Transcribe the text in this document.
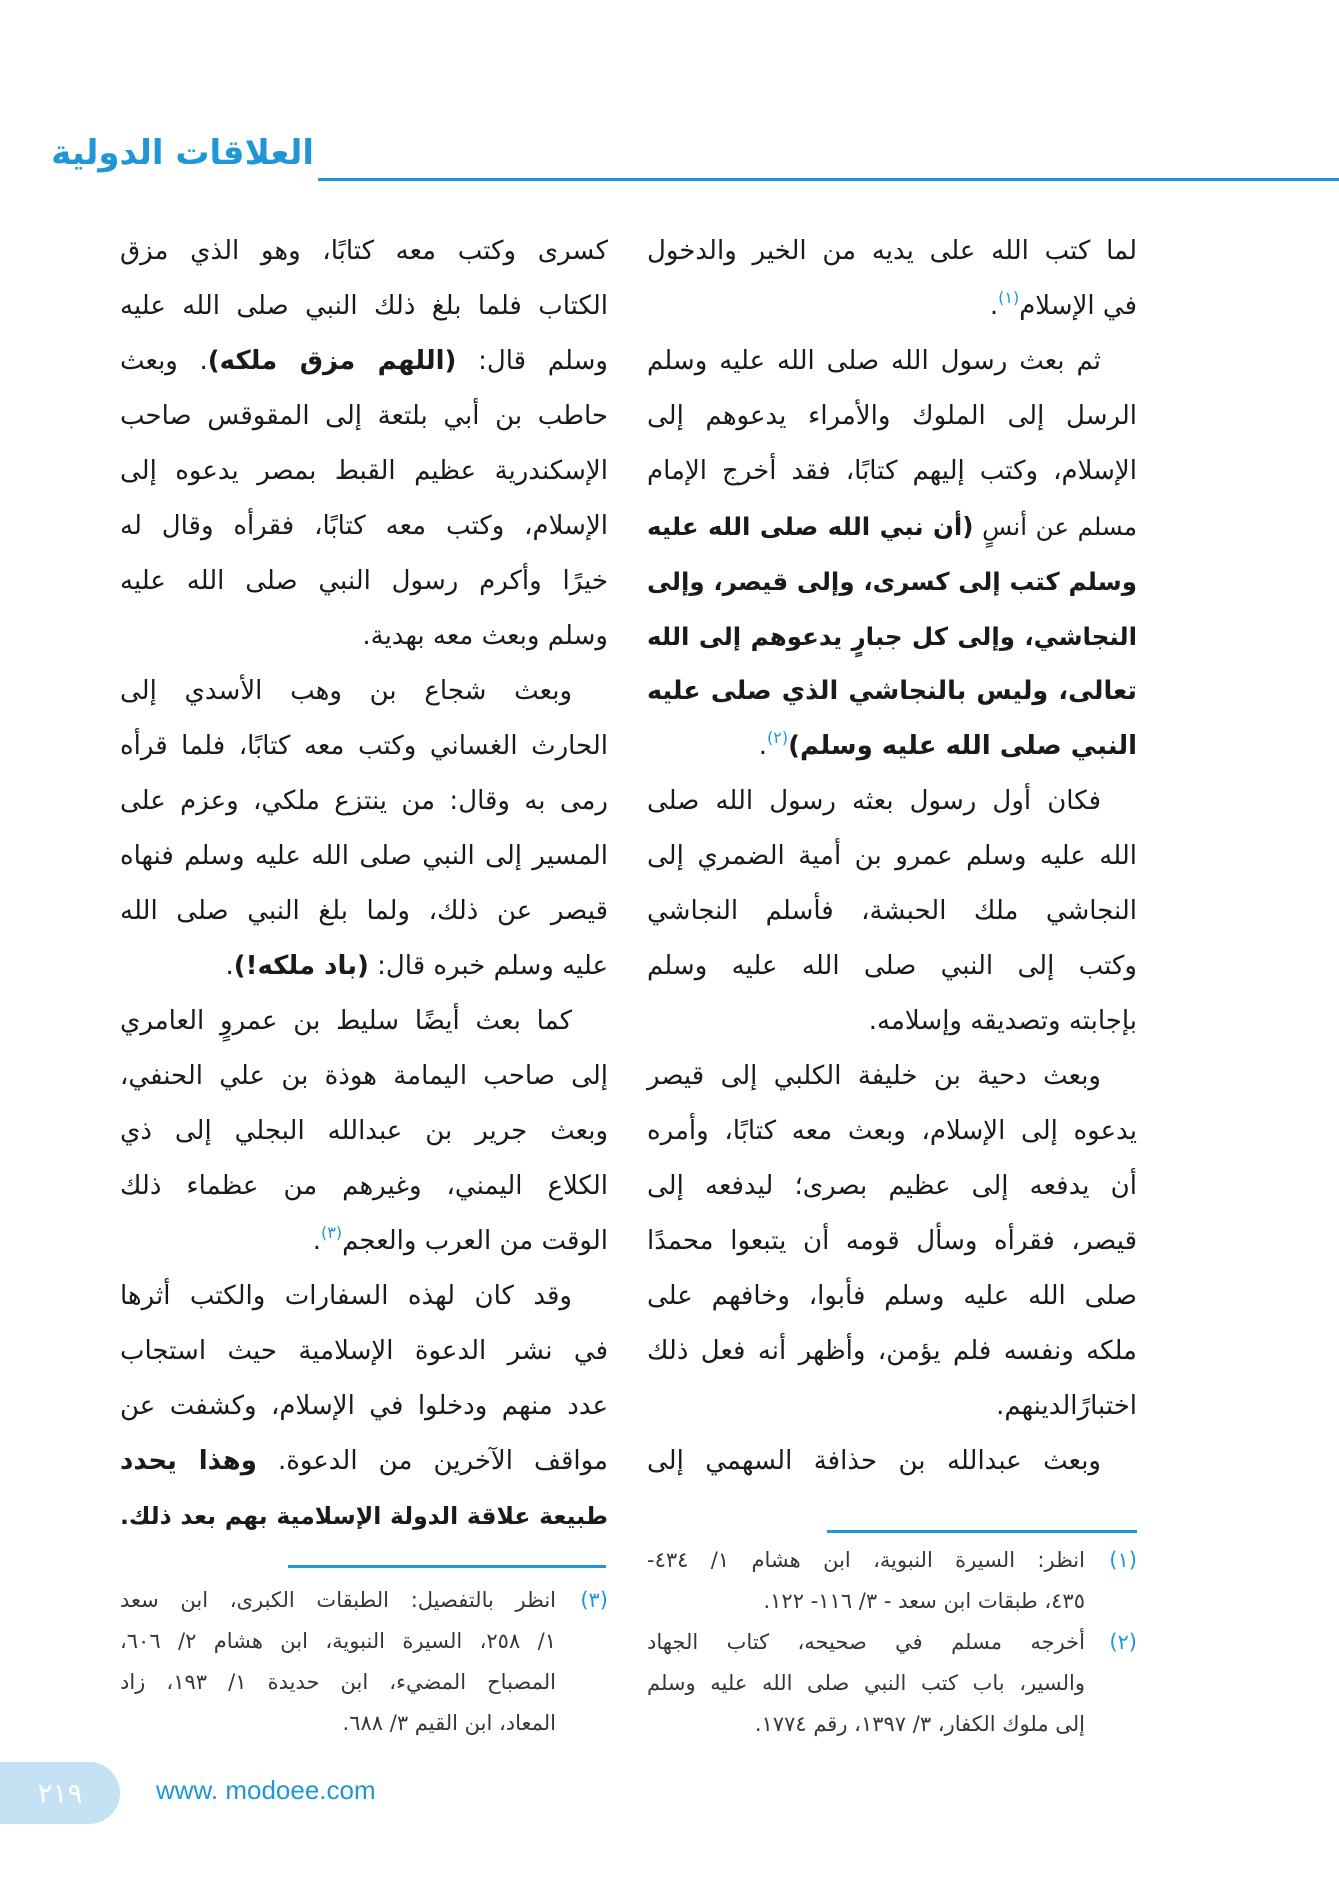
العلاقات الدولية
لما كتب الله على يديه من الخير والدخول
في الإسلام$^{(١)}$.
ثم بعث رسول الله صلى الله عليه وسلم
الرسل إلى الملوك والأمراء يدعوهم إلى
الإسلام، وكتب إليهم كتابًا، فقد أخرج الإمام
مسلم عن أنسٍ (أن نبي الله صلى الله عليه
وسلم كتب إلى كسرى، وإلى قيصر، وإلى
النجاشي، وإلى كل جبارٍ يدعوهم إلى الله
تعالى، وليس بالنجاشي الذي صلى عليه
النبي صلى الله عليه وسلم)$^{(٢)}$.
فكان أول رسول بعثه رسول الله صلى
الله عليه وسلم عمرو بن أمية الضمري إلى
النجاشي ملك الحبشة، فأسلم النجاشي
وكتب إلى النبي صلى الله عليه وسلم
بإجابته وتصديقه وإسلامه.
وبعث دحية بن خليفة الكلبي إلى قيصر
يدعوه إلى الإسلام، وبعث معه كتابًا، وأمره
أن يدفعه إلى عظيم بصرى؛ ليدفعه إلى
قيصر، فقرأه وسأل قومه أن يتبعوا محمدًا
صلى الله عليه وسلم فأبوا، وخافهم على
ملكه ونفسه فلم يؤمن، وأظهر أنه فعل ذلك
اختبارًالدينهم.
وبعث عبدالله بن حذافة السهمي إلى
كسرى وكتب معه كتابًا، وهو الذي مزق
الكتاب فلما بلغ ذلك النبي صلى الله عليه
وسلم قال: (اللهم مزق ملكه). وبعث
حاطب بن أبي بلتعة إلى المقوقس صاحب
الإسكندرية عظيم القبط بمصر يدعوه إلى
الإسلام، وكتب معه كتابًا، فقرأه وقال له
خيرًا وأكرم رسول النبي صلى الله عليه
وسلم وبعث معه بهدية.
وبعث شجاع بن وهب الأسدي إلى
الحارث الغساني وكتب معه كتابًا، فلما قرأه
رمى به وقال: من ينتزع ملكي، وعزم على
المسير إلى النبي صلى الله عليه وسلم فنهاه
قيصر عن ذلك، ولما بلغ النبي صلى الله
عليه وسلم خبره قال: (باد ملكه!).
كما بعث أيضًا سليط بن عمروٍ العامري
إلى صاحب اليمامة هوذة بن علي الحنفي،
وبعث جرير بن عبدالله البجلي إلى ذي
الكلاع اليمني، وغيرهم من عظماء ذلك
الوقت من العرب والعجم$^{(٣)}$.
وقد كان لهذه السفارات والكتب أثرها
في نشر الدعوة الإسلامية حيث استجاب
عدد منهم ودخلوا في الإسلام، وكشفت عن
مواقف الآخرين من الدعوة. وهذا يحدد
طبيعة علاقة الدولة الإسلامية بهم بعد ذلك.
(١)انظر: السيرة النبوية، ابن هشام ١/ ٤٣٤-
٤٣٥، طبقات ابن سعد - ٣/ ١١٦- ١٢٢.
(٢)أخرجه مسلم في صحيحه، كتاب الجهاد
والسير، باب كتب النبي صلى الله عليه وسلم
إلى ملوك الكفار، ٣/ ١٣٩٧، رقم ١٧٧٤.
(٣)انظر بالتفصيل: الطبقات الكبرى، ابن سعد
١/ ٢٥٨، السيرة النبوية، ابن هشام ٢/ ٦٠٦،
المصباح المضيء، ابن حديدة ١/ ١٩٣، زاد
المعاد، ابن القيم ٣/ ٦٨٨.
٢١٩	www. modoee.com
